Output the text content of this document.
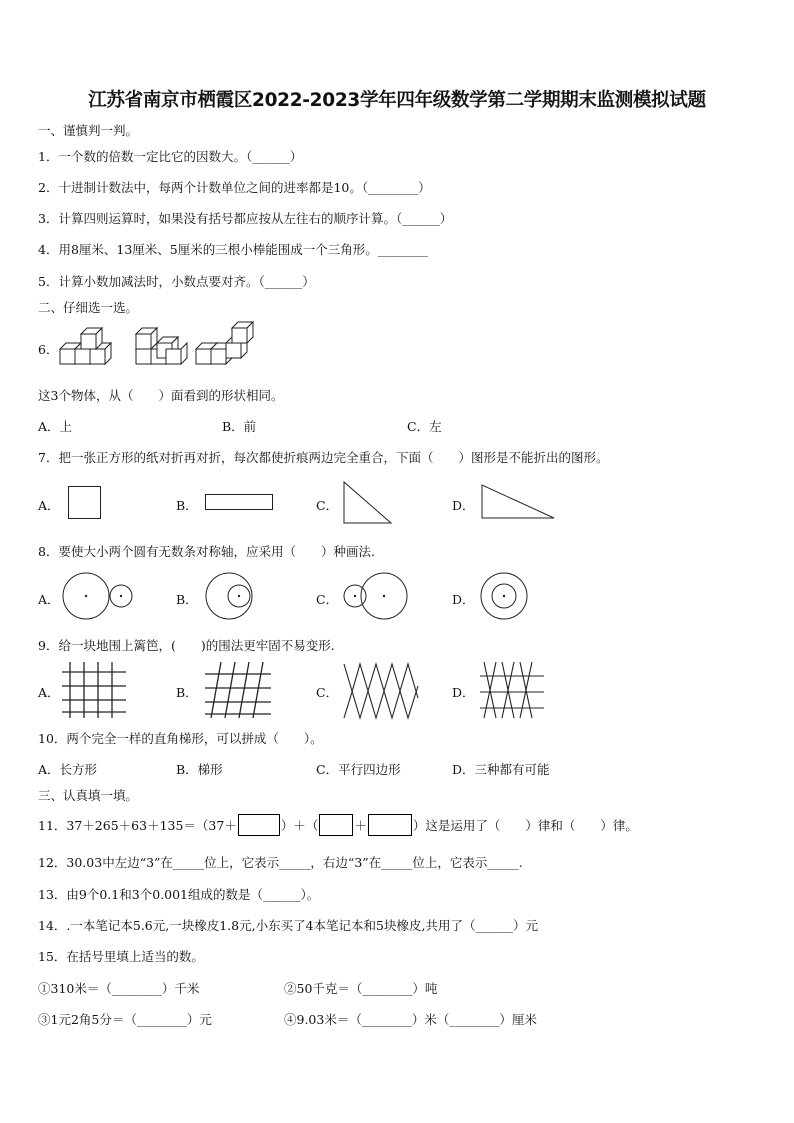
江苏省南京市栖霞区2022-2023学年四年级数学第二学期期末监测模拟试题
一、谨慎判一判。
1．一个数的倍数一定比它的因数大。（______）
2．十进制计数法中，每两个计数单位之间的进率都是10。（________）
3．计算四则运算时，如果没有括号都应按从左往右的顺序计算。（______）
4．用8厘米、13厘米、5厘米的三根小棒能围成一个三角形。________
5．计算小数加减法时，小数点要对齐。（______）
二、仔细选一选。
6．
这3个物体，从（　　）面看到的形状相同。
A．上	B．前	C．左
7．把一张正方形的纸对折再对折，每次都使折痕两边完全重合，下面（　　）图形是不能折出的图形。
A．	B．	C．	D．
8．要使大小两个圆有无数条对称轴，应采用（　　）种画法.
A．	B．	C．	D．
9．给一块地围上篱笆，(　　)的围法更牢固不易变形.
A．	B．	C．	D．
10．两个完全一样的直角梯形，可以拼成（　　）。
A．长方形	B．梯形	C．平行四边形	D．三种都有可能
三、认真填一填。
11．37＋265＋63＋135＝（37＋	）＋（	＋	）这是运用了（　　）律和（　　）律。
12．30.03中左边“3”在_____位上，它表示_____，右边“3”在_____位上，它表示_____.
13．由9个0.1和3个0.001组成的数是（______）。
14．.一本笔记本5.6元,一块橡皮1.8元,小东买了4本笔记本和5块橡皮,共用了（______）元
15．在括号里填上适当的数。
①310米＝（________）千米	②50千克＝（________）吨
③1元2角5分＝（________）元	④9.03米＝（________）米（________）厘米
